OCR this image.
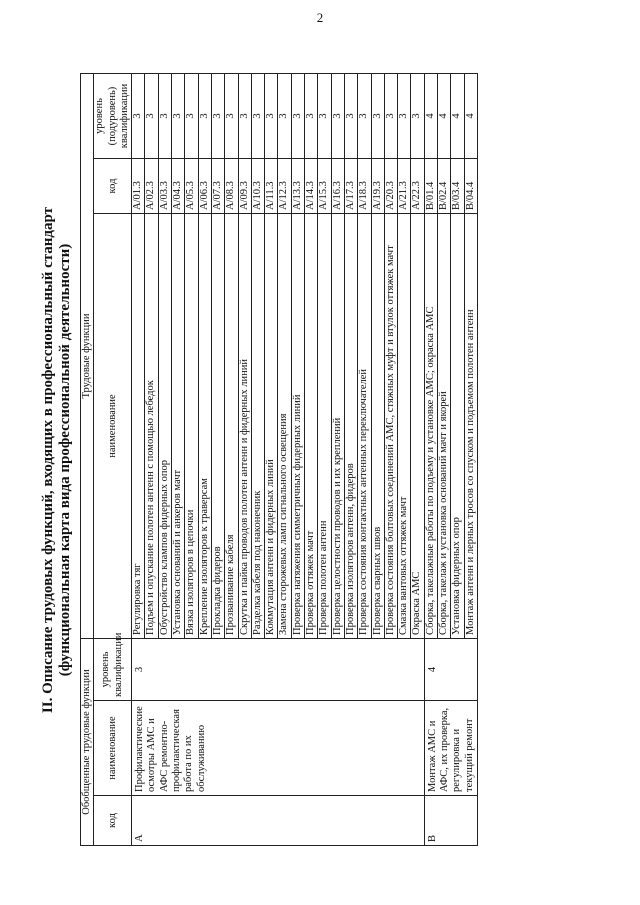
2
II. Описание трудовых функций, входящих в профессиональный стандарт (функциональная карта вида профессиональной деятельности)
Обобщенные трудовые функции			Трудовые функции		
код	наименование	уровень квалификации	наименование	код	уровень (подуровень) квалификации
А	Профилактические осмотры АМС и АФС ремонтно-профилактическая работа по их обслуживанию	3	Регулировка тяг	А/01.3	3
			Подъем и опускание полотен антенн с помощью лебедок	А/02.3	3
			Обустройство клампов фидерных опор	А/03.3	3
			Установка оснований и анкеров мачт	А/04.3	3
			Вязка изоляторов в цепочки	А/05.3	3
			Крепление изоляторов к траверсам	А/06.3	3
			Прокладка фидеров	А/07.3	3
			Прозванивание кабеля	А/08.3	3
			Скрутка и пайка проводов полотен антенн и фидерных линий	А/09.3	3
			Разделка кабеля под наконечник	А/10.3	3
			Коммутация антенн и фидерных линий	А/11.3	3
			Замена сторожевых ламп сигнального освещения	А/12.3	3
			Проверка натяжения симметричных фидерных линий	А/13.3	3
			Проверка оттяжек мачт	А/14.3	3
			Проверка полотен антенн	А/15.3	3
			Проверка целостности проводов и их креплений	А/16.3	3
			Проверка изоляторов антенн, фидеров	А/17.3	3
			Проверка состояния контактных антенных переключателей	А/18.3	3
			Проверка сварных швов	А/19.3	3
			Проверка состояния болтовых соединений АМС, стяжных муфт и втулок оттяжек мачт	А/20.3	3
			Смазка вантовых оттяжек мачт	А/21.3	3
			Окраска АМС	А/22.3	3
В	Монтаж АМС и АФС, их проверка, регулировка и текущий ремонт	4	Сборка, такелажные работы по подъему и установке АМС; окраска АМС	В/01.4	4
			Сборка, такелаж и установка оснований мачт и якорей	В/02.4	4
			Установка фидерных опор	В/03.4	4
			Монтаж антенн и лерных тросов со спуском и подъемом полотен антенн	В/04.4	4
